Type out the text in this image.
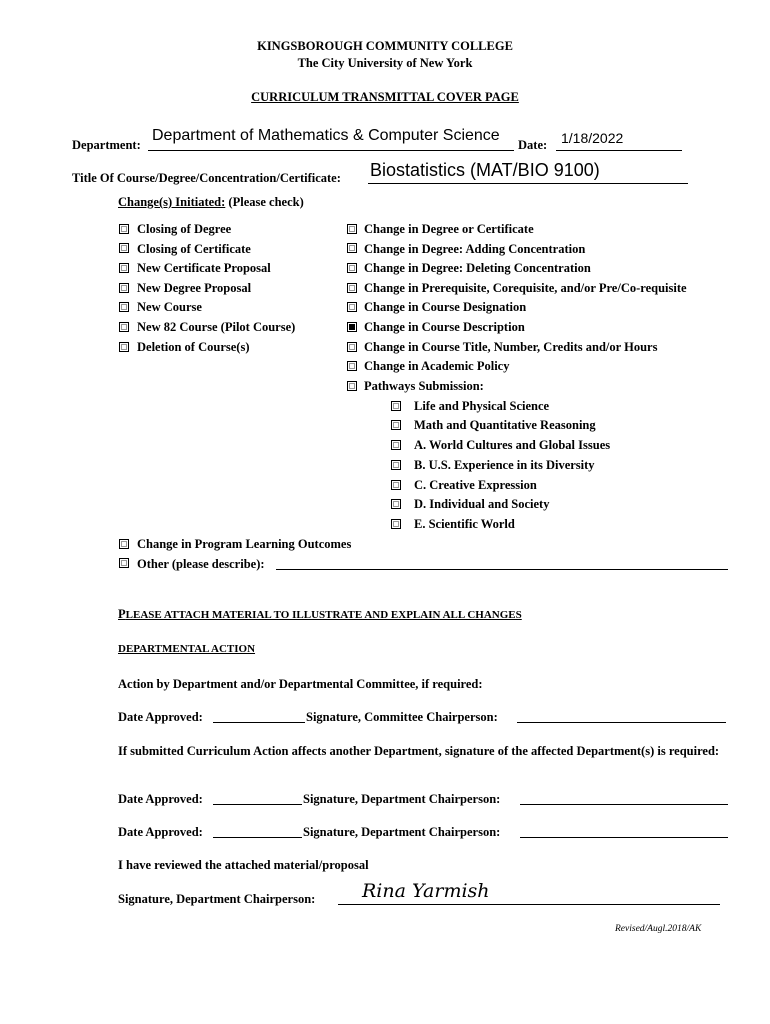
KINGSBOROUGH COMMUNITY COLLEGE
The City University of New York
CURRICULUM TRANSMITTAL COVER PAGE
Department:
Department of Mathematics & Computer Science
Date: 1/18/2022
Title Of Course/Degree/Concentration/Certificate: Biostatistics (MAT/BIO 9100)
Change(s) Initiated: (Please check)
Closing of Degree
Closing of Certificate
New Certificate Proposal
New Degree Proposal
New Course
New 82 Course (Pilot Course)
Deletion of Course(s)
Change in Degree or Certificate
Change in Degree: Adding Concentration
Change in Degree: Deleting Concentration
Change in Prerequisite, Corequisite, and/or Pre/Co-requisite
Change in Course Designation
Change in Course Description
Change in Course Title, Number, Credits and/or Hours
Change in Academic Policy
Pathways Submission:
Life and Physical Science
Math and Quantitative Reasoning
A. World Cultures and Global Issues
B. U.S. Experience in its Diversity
C. Creative Expression
D. Individual and Society
E. Scientific World
Change in Program Learning Outcomes
Other (please describe):
PLEASE ATTACH MATERIAL TO ILLUSTRATE AND EXPLAIN ALL CHANGES
DEPARTMENTAL ACTION
Action by Department and/or Departmental Committee, if required:
Date Approved:	Signature, Committee Chairperson:
If submitted Curriculum Action affects another Department, signature of the affected Department(s) is required:
Date Approved:	Signature, Department Chairperson:
Date Approved:	Signature, Department Chairperson:
I have reviewed the attached material/proposal
Signature, Department Chairperson: Rina Yarmish
Revised/Augl.2018/AK
